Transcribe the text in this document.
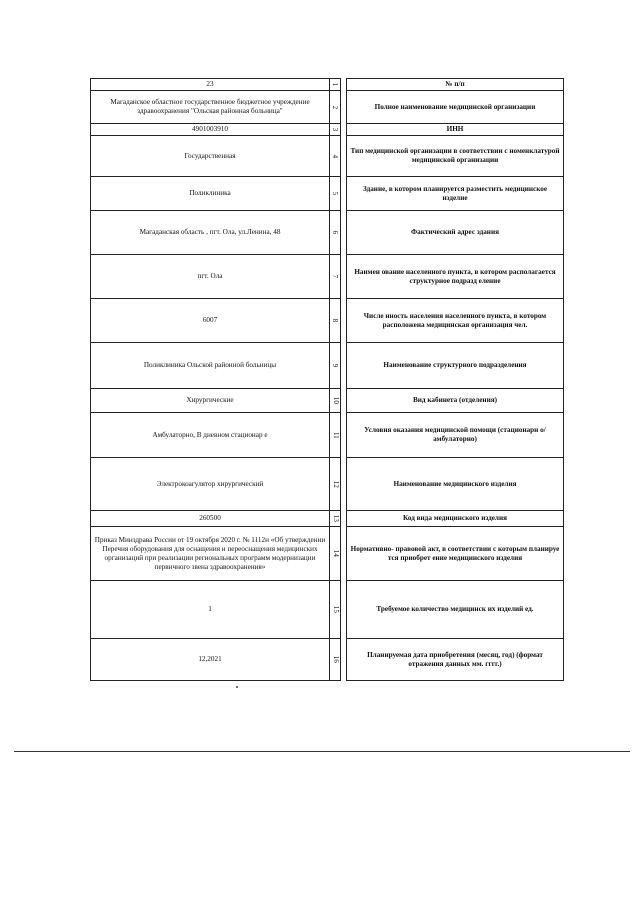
23	1		№ п/п
Магаданское областное государственное бюджетное учреждение здравоохранения "Ольская районная больница"	2		Полное наименование медицинской организации
4901003910	3		ИНН
Государственная	4		Тип медицинской организации в соответствии с номенклатурой медицинской организации
Поликлиника	5		Здание, в котором планируется разместить медицинское изделие
Магаданская область , пгт. Ола, ул.Ленина, 48	6		Фактический адрес здания
пгт. Ола	7		Наимен ование населенного пункта, в котором располагается структурное подразд еление
6007	8		Числе нность населения населенного пункта, в котором расположена медицинская организация чел.
Поликлиника Ольской районной больницы	9		Наименование структурного подразделения
Хирургические	10		Вид кабинета (отделения)
Амбулаторно, В дневном стационар е	11		Условия оказания медицинской помощи (стационарн о/амбулаторно)
Электрокоагулятор хирургический	12		Наименование медицинского изделия
260500	13		Код вида медицинского изделия
Приказ Минздрава России от 19 октября 2020 г. № 1112н «Об утверждении Перечня оборудования для оснащения и переоснащения медицинских организаций при реализации региональных программ модернизации первичного звена здравоохранения»	14		Нормативно- правовой акт, в соответствии с которым планируе тся приобрет ение медицинского изделия
1	15		Требуемое количество медицинск их изделий ед.
12,2021	16		Планируемая дата приобретения (месяц, год) (формат отражения данных мм. гггг.)
